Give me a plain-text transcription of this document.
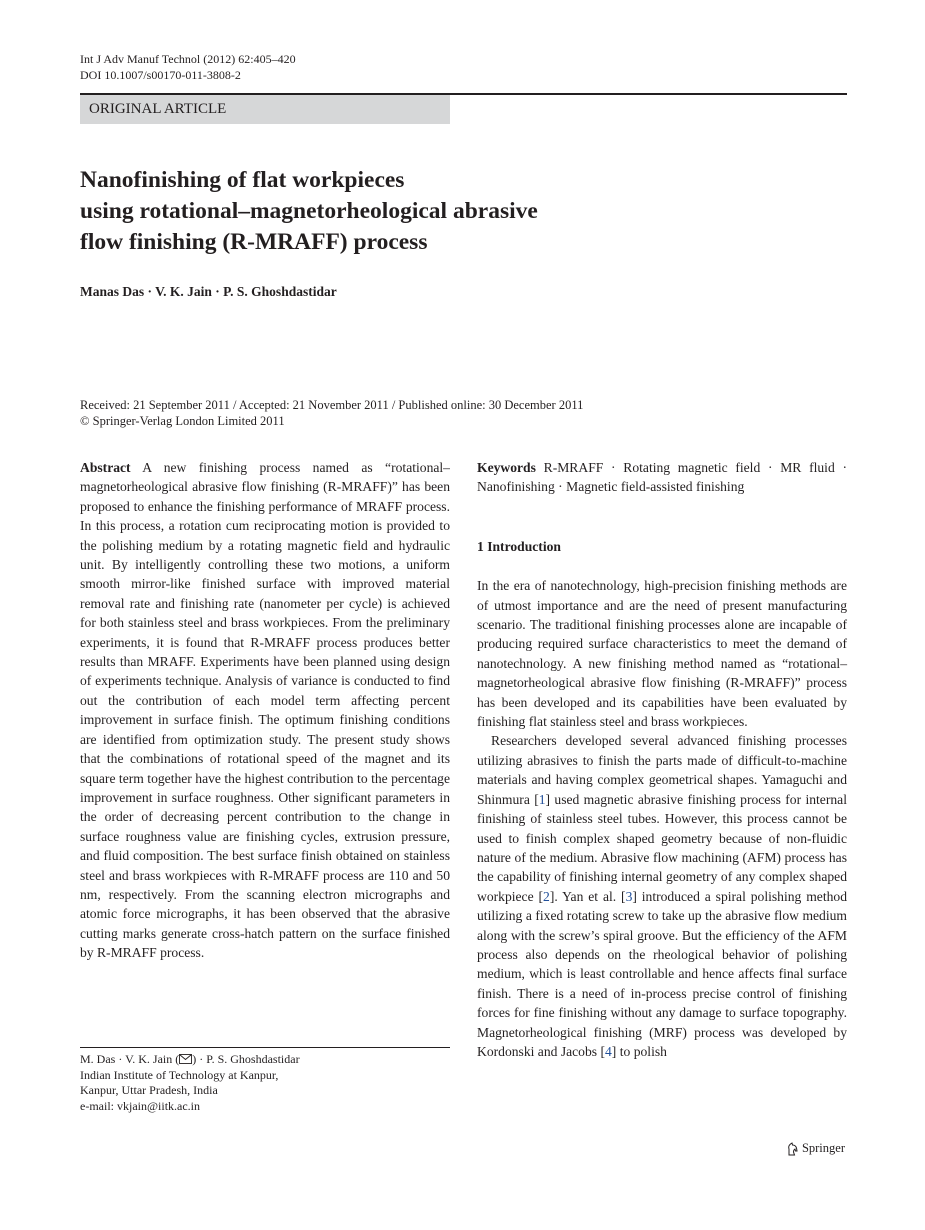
Int J Adv Manuf Technol (2012) 62:405–420
DOI 10.1007/s00170-011-3808-2
ORIGINAL ARTICLE
Nanofinishing of flat workpieces
using rotational–magnetorheological abrasive
flow finishing (R-MRAFF) process
Manas Das · V. K. Jain · P. S. Ghoshdastidar
Received: 21 September 2011 / Accepted: 21 November 2011 / Published online: 30 December 2011
© Springer-Verlag London Limited 2011

Abstract A new finishing process named as “rotational–magnetorheological abrasive flow finishing (R-MRAFF)” has been proposed to enhance the finishing performance of MRAFF process. In this process, a rotation cum reciprocating motion is provided to the polishing medium by a rotating magnetic field and hydraulic unit. By intelligently controlling these two motions, a uniform smooth mirror-like finished surface with improved material removal rate and finishing rate (nanometer per cycle) is achieved for both stainless steel and brass workpieces. From the preliminary experiments, it is found that R-MRAFF process produces better results than MRAFF. Experiments have been planned using design of experiments technique. Analysis of variance is conducted to find out the contribution of each model term affecting percent improvement in surface finish. The optimum finishing conditions are identified from optimization study. The present study shows that the combinations of rotational speed of the magnet and its square term together have the highest contribution to the percentage improvement in surface roughness. Other significant parameters in the order of decreasing percent contribution to the change in surface roughness value are finishing cycles, extrusion pressure, and fluid composition. The best surface finish obtained on stainless steel and brass workpieces with R-MRAFF process are 110 and 50 nm, respectively. From the scanning electron micrographs and atomic force micrographs, it has been observed that the abrasive cutting marks generate cross-hatch pattern on the surface finished by R-MRAFF process.

M. Das · V. K. Jain ( ) · P. S. Ghoshdastidar
Indian Institute of Technology at Kanpur,
Kanpur, Uttar Pradesh, India
e-mail: vkjain@iitk.ac.in

Keywords R-MRAFF · Rotating magnetic field · MR fluid · Nanofinishing · Magnetic field-assisted finishing

1 Introduction

In the era of nanotechnology, high-precision finishing methods are of utmost importance and are the need of present manufacturing scenario. The traditional finishing processes alone are incapable of producing required surface characteristics to meet the demand of nanotechnology. A new finishing method named as “rotational–magnetorheological abrasive flow finishing (R-MRAFF)” process has been developed and its capabilities have been evaluated by finishing flat stainless steel and brass workpieces.

Researchers developed several advanced finishing processes utilizing abrasives to finish the parts made of difficult-to-machine materials and having complex geometrical shapes. Yamaguchi and Shinmura [1] used magnetic abrasive finishing process for internal finishing of stainless steel tubes. However, this process cannot be used to finish complex shaped geometry because of non-fluidic nature of the medium. Abrasive flow machining (AFM) process has the capability of finishing internal geometry of any complex shaped workpiece [2]. Yan et al. [3] introduced a spiral polishing method utilizing a fixed rotating screw to take up the abrasive flow medium along with the screw’s spiral groove. But the efficiency of the AFM process also depends on the rheological behavior of polishing medium, which is least controllable and hence affects final surface finish. There is a need of in-process precise control of finishing forces for fine finishing without any damage to surface topography. Magnetorheological finishing (MRF) process was developed by Kordonski and Jacobs [4] to polish

Springer
